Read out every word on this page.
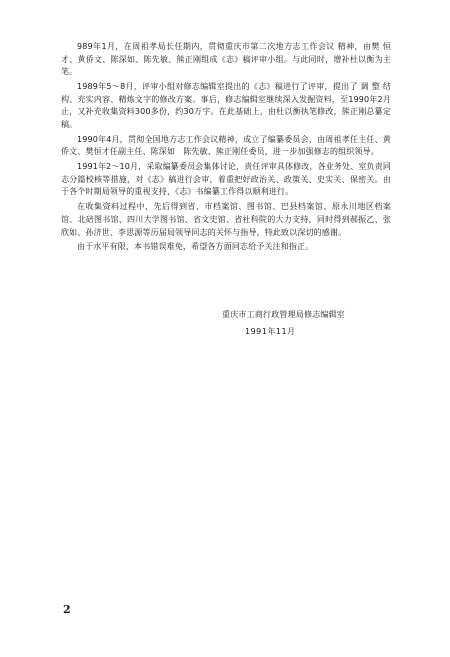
989年1月，在周祖孝局长任期内，贯彻重庆市第二次地方志工作会议 精神，由樊 恒才、黄侨文、陈深如、陈先敏、熊正刚组成《志》稿评审小组。与此同时，增补杜以衡为主笔。

1989年5～8月，评审小组对修志编辑室提出的《志》稿进行了评审，提出了 调 整 结 构、充实内容、精炼文字的修改方案。事后，修志编辑室继续深入发掘资料，至1990年2月止，又补充收集资料300多份，约30万字。在此基础上，由杜以衡执笔修改，熊正刚总纂定稿。

1990年4月，贯彻全国地方志工作会议精神，成立了编纂委员会，由周祖孝任主任、黄侨文、樊恒才任副主任、陈深如　陈先敏、熊正刚任委员，进一步加强修志的组织领导。

1991年2～10月，采取编纂委员会集体讨论，责任评审具体修改，各业务处、室负责同志分篇校核等措施，对《志》稿进行会审，着重把好政治关、政策关、史实关、保密关。由于各个时期局领导的重视支持，《志》书编纂工作得以顺利进行。

在收集资料过程中，先后得到省、市档案馆、图书馆、巴县档案馆、原永川地区档案馆、北碚图书馆、四川大学图书馆、省文史馆、省社科院的大力支持，同时得到郝振乙、张欣如、孙济世、李思源等历届局领导同志的关怀与指导，特此致以深切的感谢。

由于水平有限，本书错误难免，希望各方面同志给予关注和指正。

重庆市工商行政管理局修志编辑室
1991年11月
2
